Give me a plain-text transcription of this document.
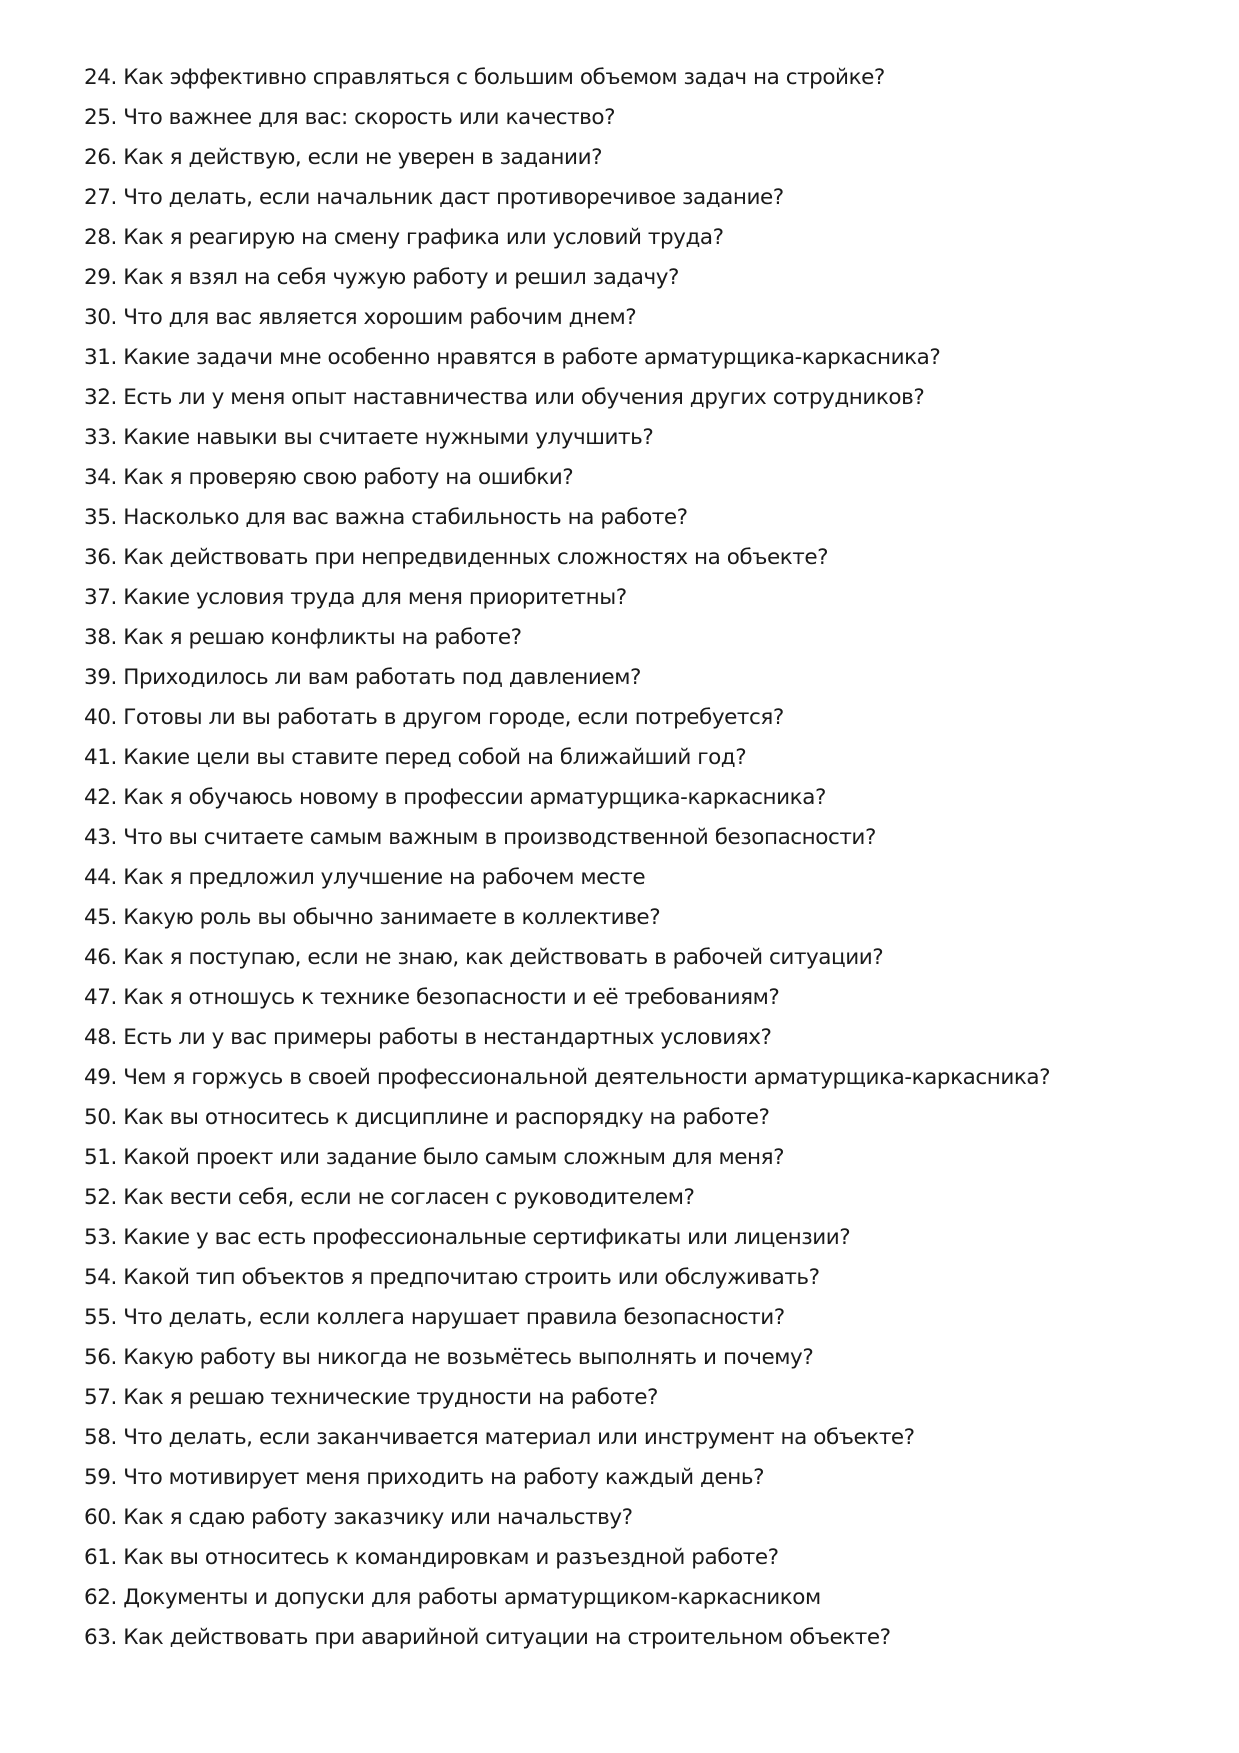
24. Как эффективно справляться с большим объемом задач на стройке?
25. Что важнее для вас: скорость или качество?
26. Как я действую, если не уверен в задании?
27. Что делать, если начальник даст противоречивое задание?
28. Как я реагирую на смену графика или условий труда?
29. Как я взял на себя чужую работу и решил задачу?
30. Что для вас является хорошим рабочим днем?
31. Какие задачи мне особенно нравятся в работе арматурщика-каркасника?
32. Есть ли у меня опыт наставничества или обучения других сотрудников?
33. Какие навыки вы считаете нужными улучшить?
34. Как я проверяю свою работу на ошибки?
35. Насколько для вас важна стабильность на работе?
36. Как действовать при непредвиденных сложностях на объекте?
37. Какие условия труда для меня приоритетны?
38. Как я решаю конфликты на работе?
39. Приходилось ли вам работать под давлением?
40. Готовы ли вы работать в другом городе, если потребуется?
41. Какие цели вы ставите перед собой на ближайший год?
42. Как я обучаюсь новому в профессии арматурщика-каркасника?
43. Что вы считаете самым важным в производственной безопасности?
44. Как я предложил улучшение на рабочем месте
45. Какую роль вы обычно занимаете в коллективе?
46. Как я поступаю, если не знаю, как действовать в рабочей ситуации?
47. Как я отношусь к технике безопасности и её требованиям?
48. Есть ли у вас примеры работы в нестандартных условиях?
49. Чем я горжусь в своей профессиональной деятельности арматурщика-каркасника?
50. Как вы относитесь к дисциплине и распорядку на работе?
51. Какой проект или задание было самым сложным для меня?
52. Как вести себя, если не согласен с руководителем?
53. Какие у вас есть профессиональные сертификаты или лицензии?
54. Какой тип объектов я предпочитаю строить или обслуживать?
55. Что делать, если коллега нарушает правила безопасности?
56. Какую работу вы никогда не возьмётесь выполнять и почему?
57. Как я решаю технические трудности на работе?
58. Что делать, если заканчивается материал или инструмент на объекте?
59. Что мотивирует меня приходить на работу каждый день?
60. Как я сдаю работу заказчику или начальству?
61. Как вы относитесь к командировкам и разъездной работе?
62. Документы и допуски для работы арматурщиком-каркасником
63. Как действовать при аварийной ситуации на строительном объекте?
